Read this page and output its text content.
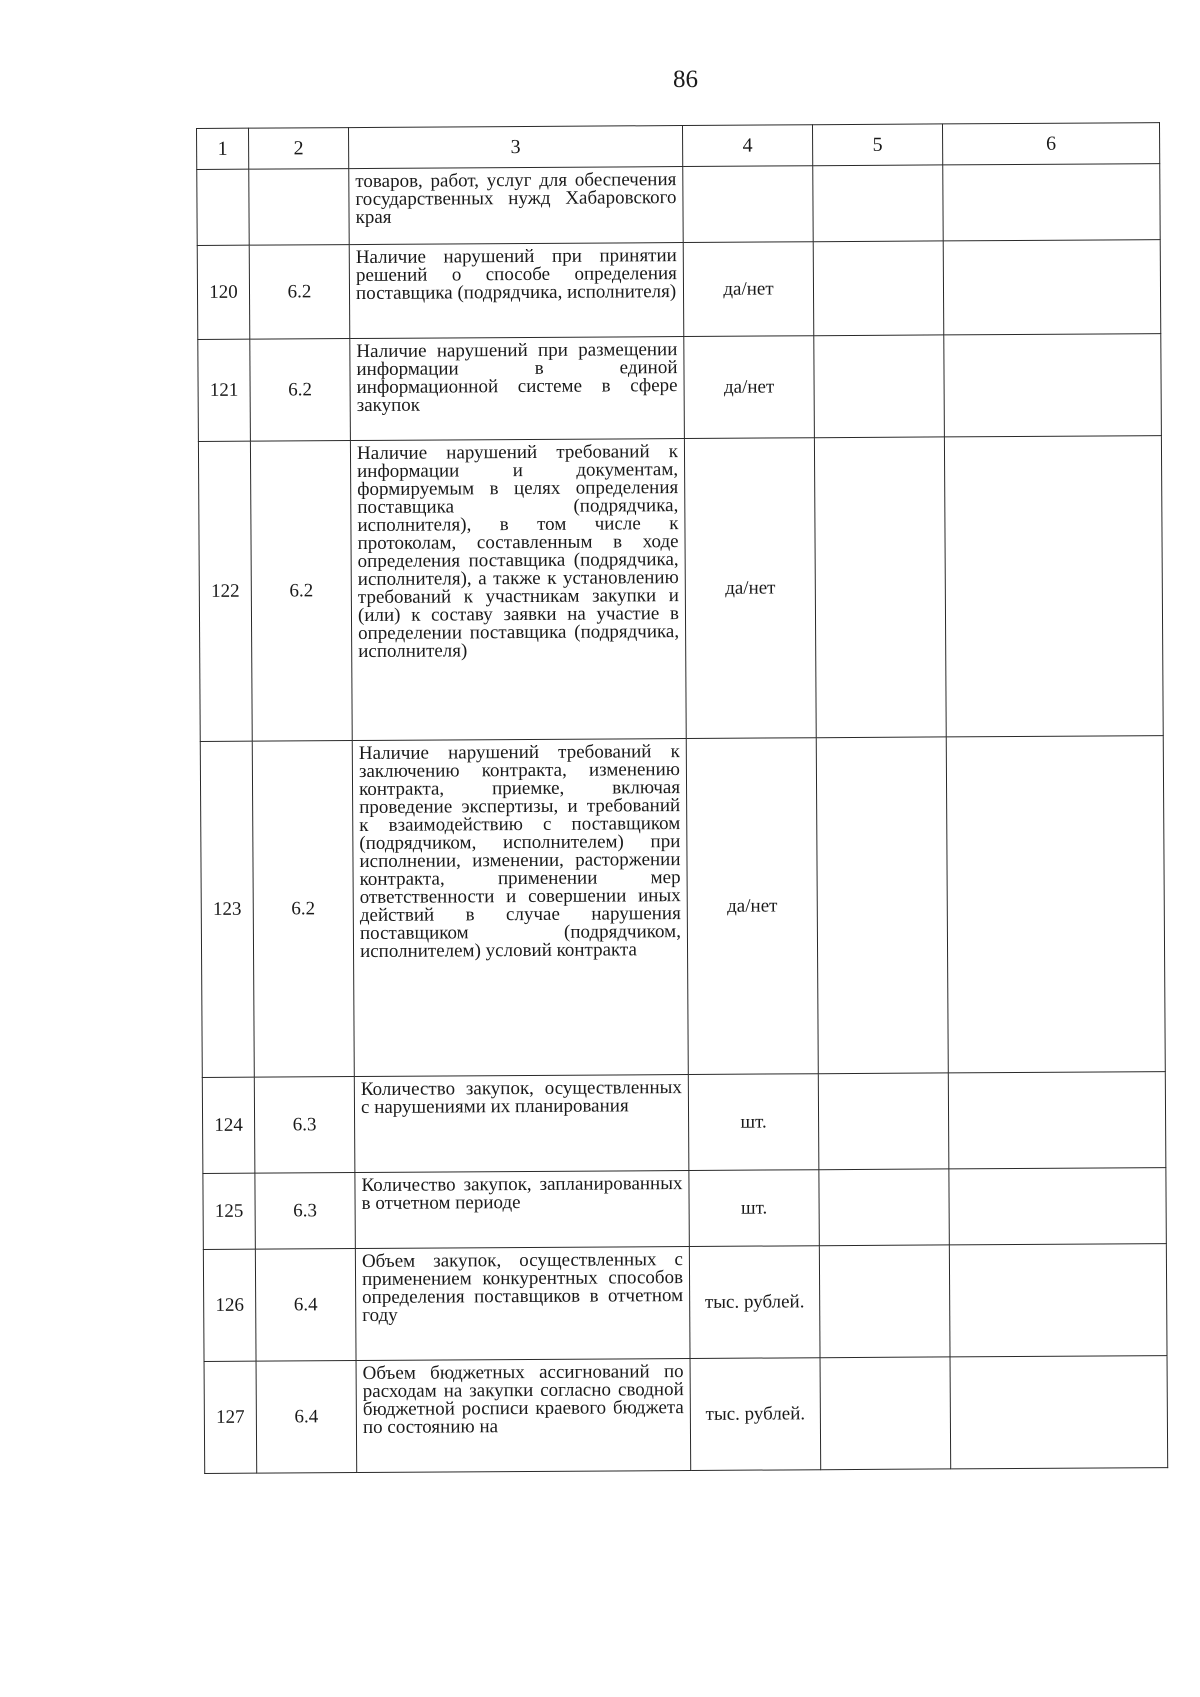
86
1	2	3	4	5	6
		товаров, работ, услуг для обеспечения государственных нужд Хабаровского края			
120	6.2	Наличие нарушений при принятии решений о способе определения поставщика (подрядчика, исполнителя)	да/нет		
121	6.2	Наличие нарушений при размещении информации в единой информационной системе в сфере закупок	да/нет		
122	6.2	Наличие нарушений требований к информации и документам, формируемым в целях определения поставщика (подрядчика, исполнителя), в том числе к протоколам, составленным в ходе определения поставщика (подрядчика, исполнителя), а также к установлению требований к участникам закупки и (или) к составу заявки на участие в определении поставщика (подрядчика, исполнителя)	да/нет		
123	6.2	Наличие нарушений требований к заключению контракта, изменению контракта, приемке, включая проведение экспертизы, и требований к взаимодействию с поставщиком (подрядчиком, исполнителем) при исполнении, изменении, расторжении контракта, применении мер ответственности и совершении иных действий в случае нарушения поставщиком (подрядчиком, исполнителем) условий контракта	да/нет		
124	6.3	Количество закупок, осуществленных с нарушениями их планирования	шт.		
125	6.3	Количество закупок, запланированных в отчетном периоде	шт.		
126	6.4	Объем закупок, осуществленных с применением конкурентных способов определения поставщиков в отчетном году	тыс. рублей.		
127	6.4	Объем бюджетных ассигнований по расходам на закупки согласно сводной бюджетной росписи краевого бюджета по состоянию на	тыс. рублей.		
